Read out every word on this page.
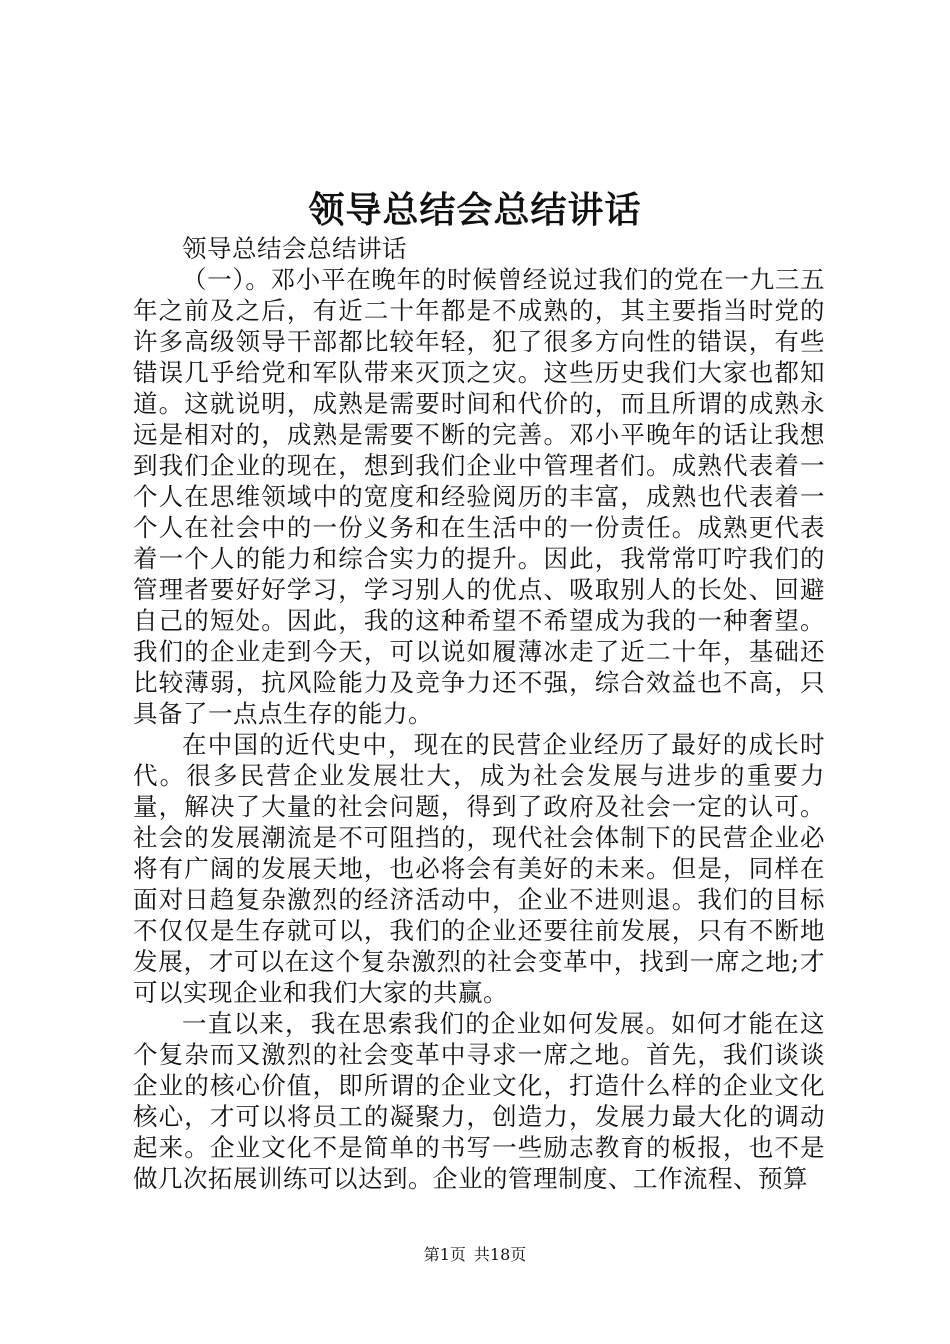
领导总结会总结讲话

领导总结会总结讲话

（一）。邓小平在晚年的时候曾经说过我们的党在一九三五年之前及之后，有近二十年都是不成熟的，其主要指当时党的许多高级领导干部都比较年轻，犯了很多方向性的错误，有些错误几乎给党和军队带来灭顶之灾。这些历史我们大家也都知道。这就说明，成熟是需要时间和代价的，而且所谓的成熟永远是相对的，成熟是需要不断的完善。邓小平晚年的话让我想到我们企业的现在，想到我们企业中管理者们。成熟代表着一个人在思维领域中的宽度和经验阅历的丰富，成熟也代表着一个人在社会中的一份义务和在生活中的一份责任。成熟更代表着一个人的能力和综合实力的提升。因此，我常常叮咛我们的管理者要好好学习，学习别人的优点、吸取别人的长处、回避自己的短处。因此，我的这种希望不希望成为我的一种奢望。我们的企业走到今天，可以说如履薄冰走了近二十年，基础还比较薄弱，抗风险能力及竞争力还不强，综合效益也不高，只具备了一点点生存的能力。

在中国的近代史中，现在的民营企业经历了最好的成长时代。很多民营企业发展壮大，成为社会发展与进步的重要力量，解决了大量的社会问题，得到了政府及社会一定的认可。社会的发展潮流是不可阻挡的，现代社会体制下的民营企业必将有广阔的发展天地，也必将会有美好的未来。但是，同样在面对日趋复杂激烈的经济活动中，企业不进则退。我们的目标不仅仅是生存就可以，我们的企业还要往前发展，只有不断地发展，才可以在这个复杂激烈的社会变革中，找到一席之地;才可以实现企业和我们大家的共赢。

一直以来，我在思索我们的企业如何发展。如何才能在这个复杂而又激烈的社会变革中寻求一席之地。首先，我们谈谈企业的核心价值，即所谓的企业文化，打造什么样的企业文化核心，才可以将员工的凝聚力，创造力，发展力最大化的调动起来。企业文化不是简单的书写一些励志教育的板报，也不是做几次拓展训练可以达到。企业的管理制度、工作流程、预算

第1页 共18页
